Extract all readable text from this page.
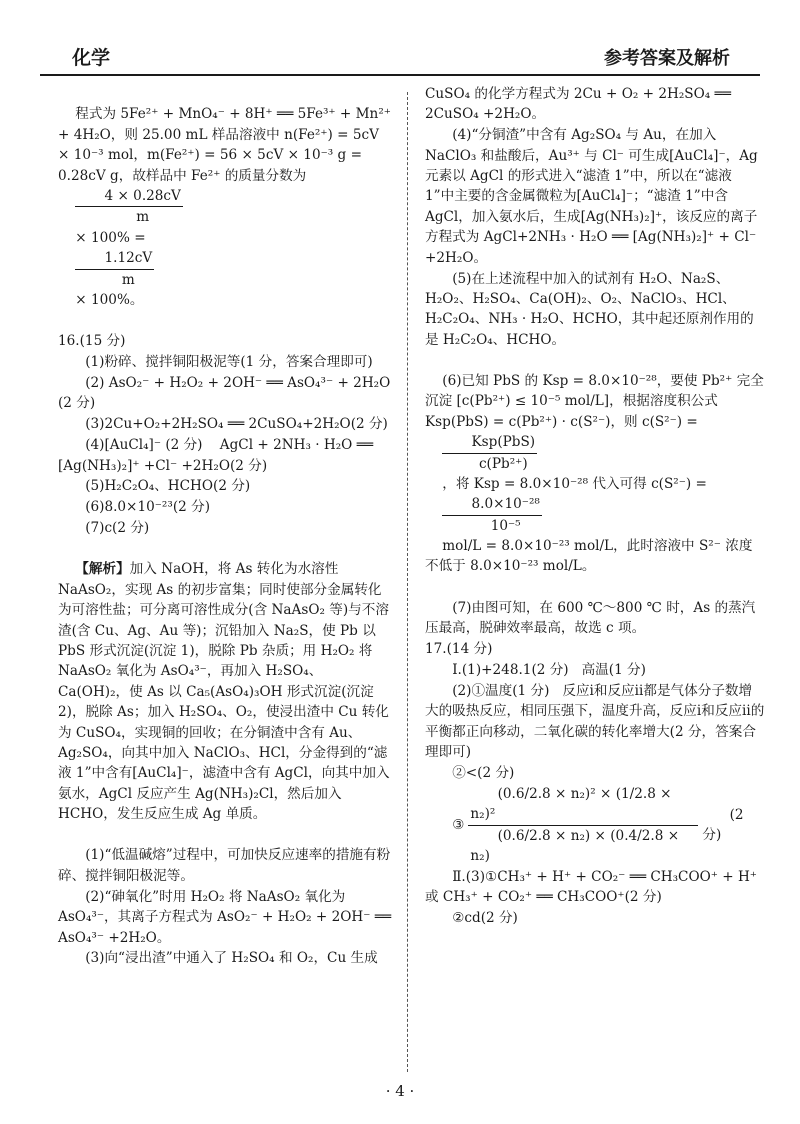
化学	参考答案及解析

程式为 5Fe²⁺ + MnO₄⁻ + 8H⁺ ══ 5Fe³⁺ + Mn²⁺ + 4H₂O，则 25.00 mL 样品溶液中 n(Fe²⁺) = 5cV × 10⁻³ mol，m(Fe²⁺) = 56 × 5cV × 10⁻³ g = 0.28cV g，故样品中 Fe²⁺ 的质量分数为

$\frac{4 \times 0.28cV}{m}$

× 100% =

$\frac{1.12cV}{m}$

× 100%。

16.(15 分)

(1)粉碎、搅拌铜阳极泥等(1 分，答案合理即可)

(2) AsO₂⁻ + H₂O₂ + 2OH⁻ ══ AsO₄³⁻ + 2H₂O (2 分)

(3)2Cu+O₂+2H₂SO₄ ══ 2CuSO₄+2H₂O(2 分)

(4)[AuCl₄]⁻ (2 分)    AgCl + 2NH₃ · H₂O ══ [Ag(NH₃)₂]⁺ +Cl⁻ +2H₂O(2 分)

(5)H₂C₂O₄、HCHO(2 分)

(6)8.0×10⁻²³(2 分)

(7)c(2 分)

【解析】加入 NaOH，将 As 转化为水溶性 NaAsO₂，实现 As 的初步富集；同时使部分金属转化为可溶性盐；可分离可溶性成分(含 NaAsO₂ 等)与不溶渣(含 Cu、Ag、Au 等)；沉铅加入 Na₂S，使 Pb 以 PbS 形式沉淀(沉淀 1)，脱除 Pb 杂质；用 H₂O₂ 将 NaAsO₂ 氧化为 AsO₄³⁻，再加入 H₂SO₄、Ca(OH)₂，使 As 以 Ca₅(AsO₄)₃OH 形式沉淀(沉淀 2)，脱除 As；加入 H₂SO₄、O₂，使浸出渣中 Cu 转化为 CuSO₄，实现铜的回收；在分铜渣中含有 Au、Ag₂SO₄，向其中加入 NaClO₃、HCl，分金得到的“滤液 1”中含有[AuCl₄]⁻，滤渣中含有 AgCl，向其中加入氨水，AgCl 反应产生 Ag(NH₃)₂Cl，然后加入 HCHO，发生反应生成 Ag 单质。

(1)“低温碱熔”过程中，可加快反应速率的措施有粉碎、搅拌铜阳极泥等。

(2)“砷氧化”时用 H₂O₂ 将 NaAsO₂ 氧化为 AsO₄³⁻，其离子方程式为 AsO₂⁻ + H₂O₂ + 2OH⁻ ══ AsO₄³⁻ +2H₂O。

(3)向“浸出渣”中通入了 H₂SO₄ 和 O₂，Cu 生成

CuSO₄ 的化学方程式为 2Cu + O₂ + 2H₂SO₄ ══ 2CuSO₄ +2H₂O。

(4)“分铜渣”中含有 Ag₂SO₄ 与 Au，在加入 NaClO₃ 和盐酸后，Au³⁺ 与 Cl⁻ 可生成[AuCl₄]⁻，Ag 元素以 AgCl 的形式进入“滤渣 1”中，所以在“滤液 1”中主要的含金属微粒为[AuCl₄]⁻；“滤渣 1”中含 AgCl，加入氨水后，生成[Ag(NH₃)₂]⁺，该反应的离子方程式为 AgCl+2NH₃ · H₂O ══ [Ag(NH₃)₂]⁺ + Cl⁻ +2H₂O。

(5)在上述流程中加入的试剂有 H₂O、Na₂S、H₂O₂、H₂SO₄、Ca(OH)₂、O₂、NaClO₃、HCl、H₂C₂O₄、NH₃ · H₂O、HCHO，其中起还原剂作用的是 H₂C₂O₄、HCHO。

(6)已知 PbS 的 Ksp = 8.0×10⁻²⁸，要使 Pb²⁺ 完全沉淀 [c(Pb²⁺) ≤ 10⁻⁵ mol/L]，根据溶度积公式 Ksp(PbS) = c(Pb²⁺) · c(S²⁻)，则 c(S²⁻) =

$\frac{\text{Ksp(PbS)}}{\text{c(Pb²⁺)}}$

，将 Ksp = 8.0×10⁻²⁸ 代入可得 c(S²⁻) =

$\frac{\text{8.0×10⁻²⁸}}{\text{10⁻⁵}}$

mol/L = 8.0×10⁻²³ mol/L，此时溶液中 S²⁻ 浓度不低于 8.0×10⁻²³ mol/L。

(7)由图可知，在 600 ℃～800 ℃ 时，As 的蒸汽压最高，脱砷效率最高，故选 c 项。

17.(14 分)

Ⅰ.(1)+248.1(2 分)   高温(1 分)

(2)①温度(1 分)   反应ⅰ和反应ⅱ都是气体分子数增大的吸热反应，相同压强下，温度升高，反应ⅰ和反应ⅱ的平衡都正向移动，二氧化碳的转化率增大(2 分，答案合理即可)

②<(2 分)

③ $\frac{\text{(0.6/2.8 × n₂)² × (1/2.8 × n₂)²}}{\text{(0.6/2.8 × n₂) × (0.4/2.8 × n₂)}}$	(2 分)

Ⅱ.(3)①CH₃⁺ + H⁺ + CO₂⁻ ══ CH₃COO⁺ + H⁺ 或 CH₃⁺ + CO₂⁺ ══ CH₃COO⁺(2 分)

②cd(2 分)

· 4 ·
